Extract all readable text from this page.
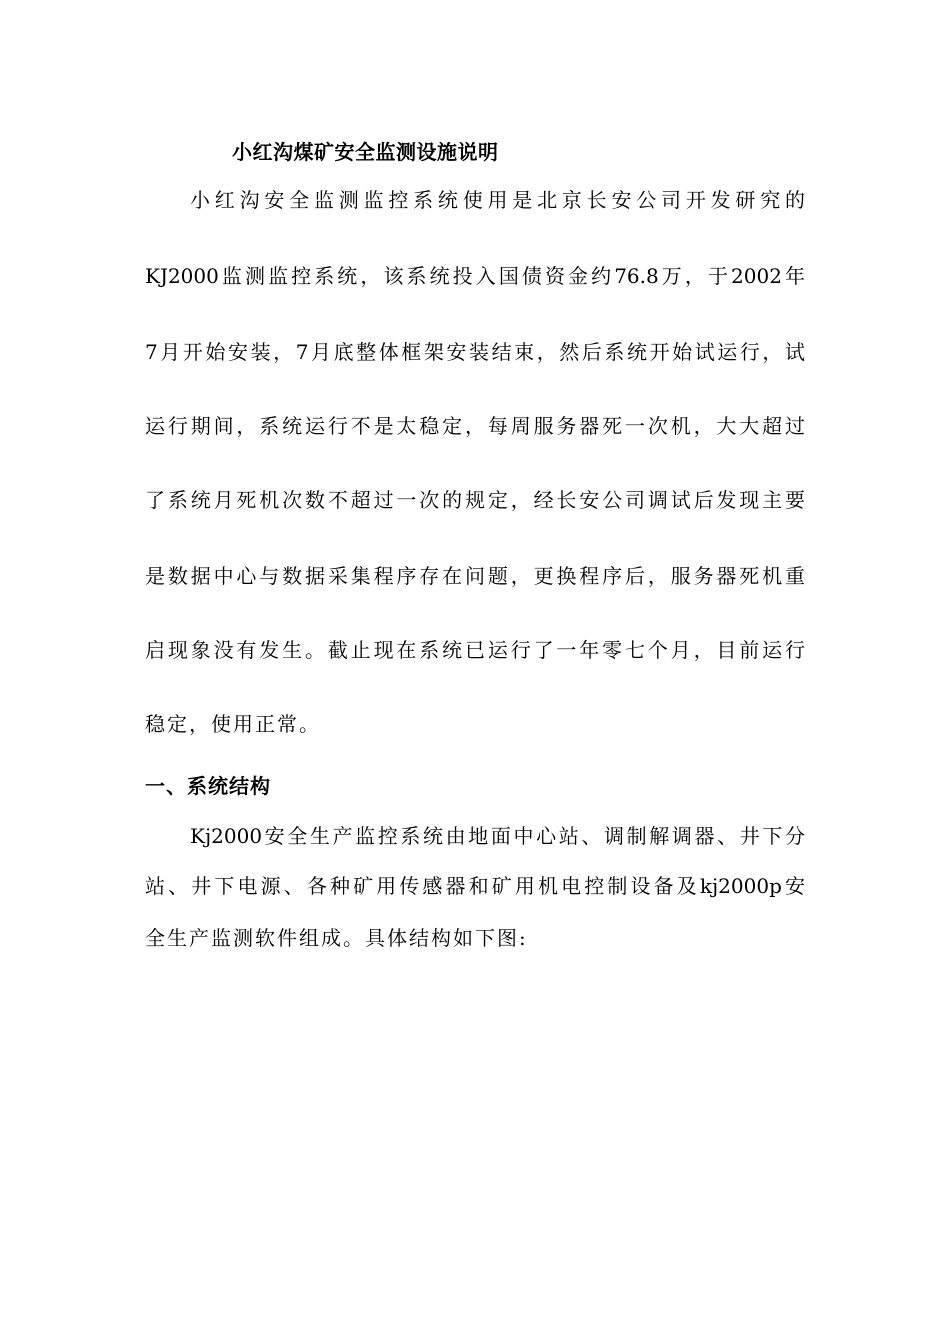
小红沟煤矿安全监测设施说明
小红沟安全监测监控系统使用是北京长安公司开发研究的
KJ2000监测监控系统，该系统投入国债资金约76.8万，于2002年
7月开始安装，7月底整体框架安装结束，然后系统开始试运行，试
运行期间，系统运行不是太稳定，每周服务器死一次机，大大超过
了系统月死机次数不超过一次的规定，经长安公司调试后发现主要
是数据中心与数据采集程序存在问题，更换程序后，服务器死机重
启现象没有发生。截止现在系统已运行了一年零七个月，目前运行
稳定，使用正常。
一、系统结构
Kj2000安全生产监控系统由地面中心站、调制解调器、井下分
站、井下电源、各种矿用传感器和矿用机电控制设备及kj2000p安
全生产监测软件组成。具体结构如下图:
